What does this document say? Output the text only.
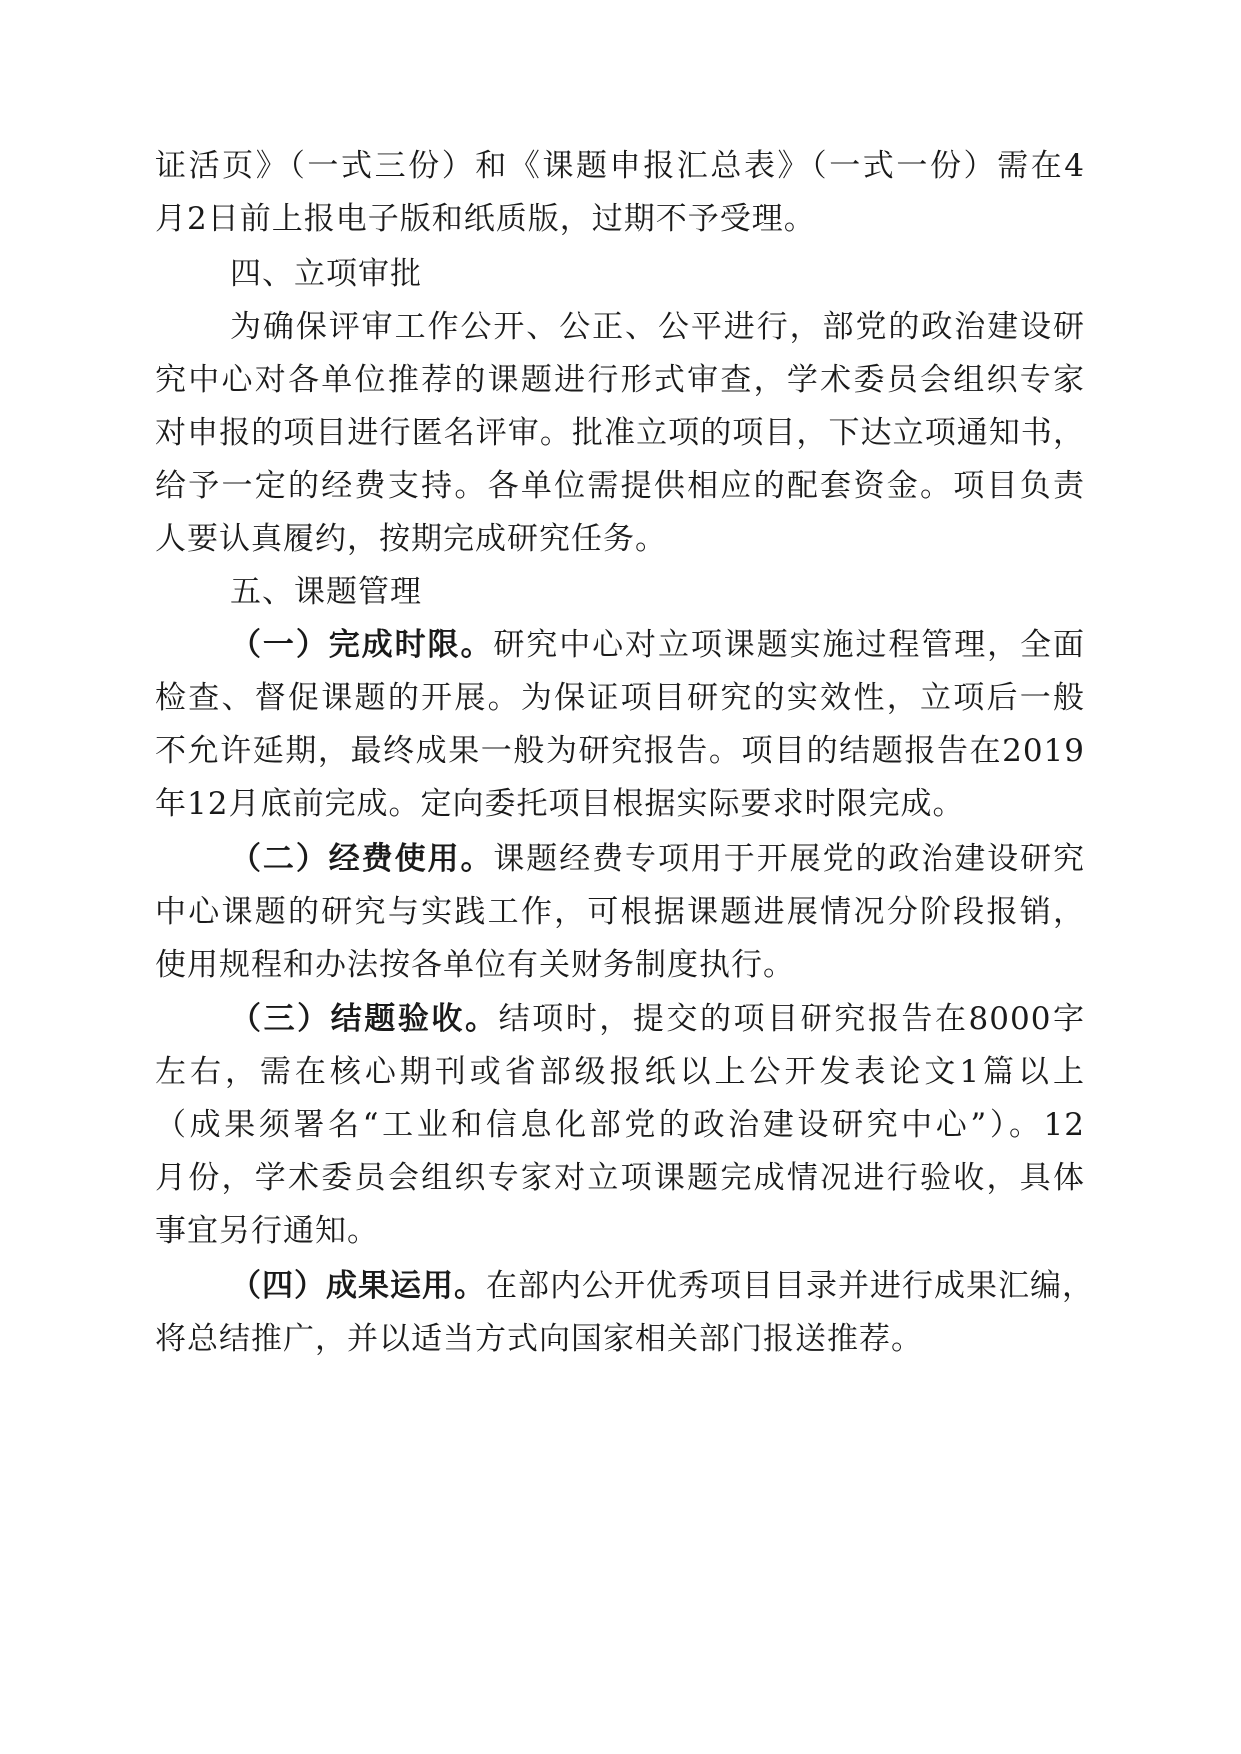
证活页》（一式三份）和《课题申报汇总表》（一式一份）需在4
月2日前上报电子版和纸质版，过期不予受理。
四、立项审批
为确保评审工作公开、公正、公平进行，部党的政治建设研
究中心对各单位推荐的课题进行形式审查，学术委员会组织专家
对申报的项目进行匿名评审。批准立项的项目，下达立项通知书，
给予一定的经费支持。各单位需提供相应的配套资金。项目负责
人要认真履约，按期完成研究任务。
五、课题管理
（一）完成时限。研究中心对立项课题实施过程管理，全面
检查、督促课题的开展。为保证项目研究的实效性，立项后一般
不允许延期，最终成果一般为研究报告。项目的结题报告在2019
年12月底前完成。定向委托项目根据实际要求时限完成。
（二）经费使用。课题经费专项用于开展党的政治建设研究
中心课题的研究与实践工作，可根据课题进展情况分阶段报销，
使用规程和办法按各单位有关财务制度执行。
（三）结题验收。结项时，提交的项目研究报告在8000字
左右，需在核心期刊或省部级报纸以上公开发表论文1篇以上
（成果须署名“工业和信息化部党的政治建设研究中心”）。12
月份，学术委员会组织专家对立项课题完成情况进行验收，具体
事宜另行通知。
（四）成果运用。在部内公开优秀项目目录并进行成果汇编，
将总结推广，并以适当方式向国家相关部门报送推荐。
